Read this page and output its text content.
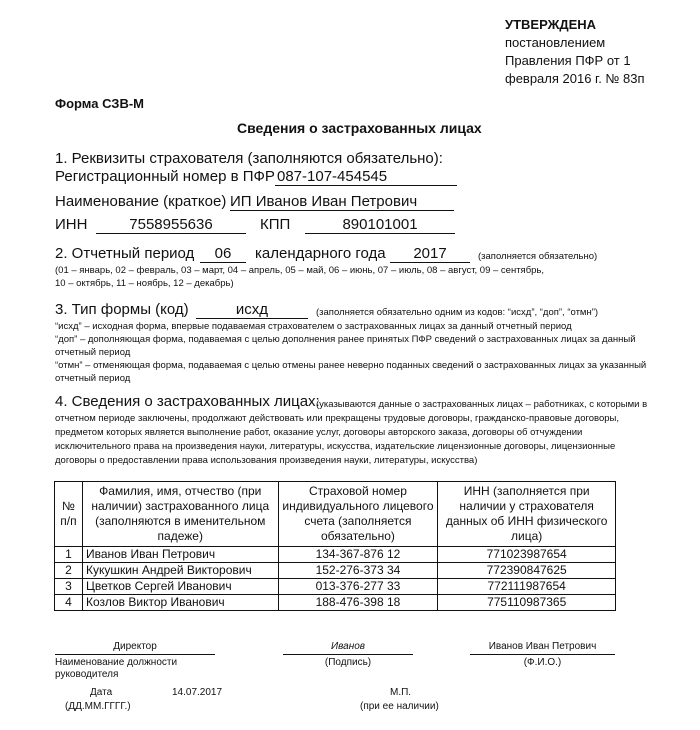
УТВЕРЖДЕНА
постановлением
Правления ПФР от 1
февраля 2016 г. № 83п
Форма СЗВ-М
Сведения о застрахованных лицах
1. Реквизиты страхователя (заполняются обязательно):
Регистрационный номер в ПФР 087-107-454545
Наименование (краткое) ИП Иванов Иван Петрович
ИНН	7558955636	КПП	890101001
2. Отчетный период	06	календарного года	2017	(заполняется обязательно)
(01 – январь, 02 – февраль, 03 – март, 04 – апрель, 05 – май, 06 – июнь, 07 – июль, 08 – август, 09 – сентябрь,
10 – октябрь, 11 – ноябрь, 12 – декабрь)
3. Тип формы (код)	исхд	(заполняется обязательно одним из кодов: “исхд”, “доп”, “отмн”)
“исхд” – исходная форма, впервые подаваемая страхователем о застрахованных лицах за данный отчетный период
“доп” – дополняющая форма, подаваемая с целью дополнения ранее принятых ПФР сведений о застрахованных лицах за данный
отчетный период
“отмн” – отменяющая форма, подаваемая с целью отмены ранее неверно поданных сведений о застрахованных лицах за указанный
отчетный период
4. Сведения о застрахованных лицах:
(указываются данные о застрахованных лицах – работниках, с которыми в
отчетном периоде заключены, продолжают действовать или прекращены трудовые договоры, гражданско-правовые договоры,
предметом которых является выполнение работ, оказание услуг, договоры авторского заказа, договоры об отчуждении
исключительного права на произведения науки, литературы, искусства, издательские лицензионные договоры, лицензионные
договоры о предоставлении права использования произведения науки, литературы, искусства)
№ п/п	Фамилия, имя, отчество (при наличии) застрахованного лица (заполняются в именительном падеже)	Страховой номер индивидуального лицевого счета (заполняется обязательно)	ИНН (заполняется при наличии у страхователя данных об ИНН физического лица)
1	Иванов Иван Петрович	134-367-876 12	771023987654
2	Кукушкин Андрей Викторович	152-276-373 34	772390847625
3	Цветков Сергей Иванович	013-376-277 33	772111987654
4	Козлов Виктор Иванович	188-476-398 18	775110987365
Директор
Наименование должности
руководителя
Иванов
(Подпись)
Иванов Иван Петрович
(Ф.И.О.)
Дата	14.07.2017
(ДД.ММ.ГГГГ.)
М.П.
(при ее наличии)
